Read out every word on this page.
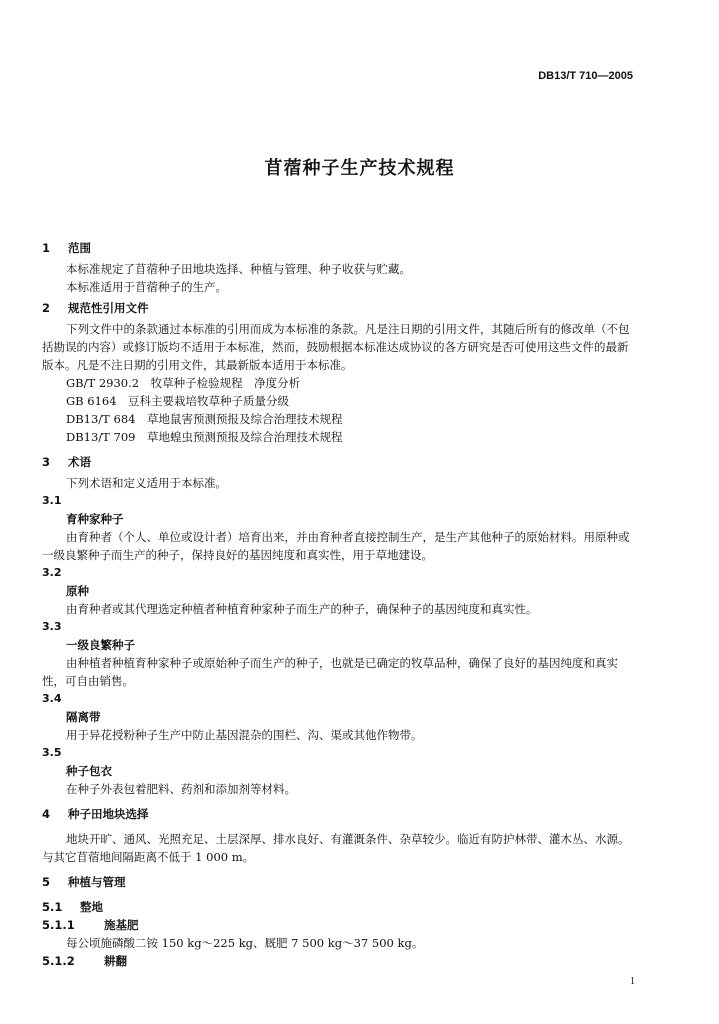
DB13/T 710—2005
苜蓿种子生产技术规程
1 范围
本标准规定了苜蓿种子田地块选择、种植与管理、种子收获与贮藏。
本标准适用于苜蓿种子的生产。
2 规范性引用文件
下列文件中的条款通过本标准的引用而成为本标准的条款。凡是注日期的引用文件，其随后所有的修改单（不包括勘误的内容）或修订版均不适用于本标准，然而，鼓励根据本标准达成协议的各方研究是否可使用这些文件的最新版本。凡是不注日期的引用文件，其最新版本适用于本标准。
GB/T 2930.2　牧草种子检验规程　净度分析
GB 6164　豆科主要栽培牧草种子质量分级
DB13/T 684　草地鼠害预测预报及综合治理技术规程
DB13/T 709　草地蝗虫预测预报及综合治理技术规程
3 术语
下列术语和定义适用于本标准。
3.1
育种家种子
由育种者（个人、单位或设计者）培育出来，并由育种者直接控制生产，是生产其他种子的原始材料。用原种或一级良繁种子而生产的种子，保持良好的基因纯度和真实性，用于草地建设。
3.2
原种
由育种者或其代理选定种植者种植育种家种子而生产的种子，确保种子的基因纯度和真实性。
3.3
一级良繁种子
由种植者种植育种家种子或原始种子而生产的种子，也就是已确定的牧草品种，确保了良好的基因纯度和真实性，可自由销售。
3.4
隔离带
用于异花授粉种子生产中防止基因混杂的围栏、沟、渠或其他作物带。
3.5
种子包衣
在种子外表包着肥料、药剂和添加剂等材料。
4 种子田地块选择
地块开旷、通风、光照充足、土层深厚、排水良好、有灌溉条件、杂草较少。临近有防护林带、灌木丛、水源。与其它苜蓿地间隔距离不低于 1 000 m。
5 种植与管理
5.1 整地
5.1.1	施基肥
每公顷施磷酸二铵 150 kg～225 kg、厩肥 7 500 kg～37 500 kg。
5.1.2	耕翻
1
